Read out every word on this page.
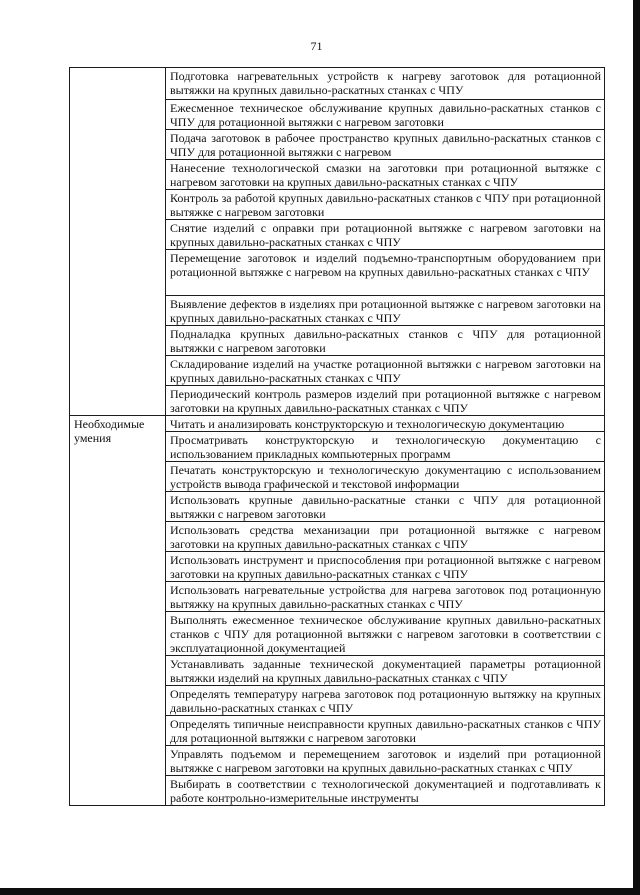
71

	Подготовка нагревательных устройств к нагреву заготовок для ротационной вытяжки на крупных давильно-раскатных станках с ЧПУ

	Ежесменное техническое обслуживание крупных давильно-раскатных станков с ЧПУ для ротационной вытяжки с нагревом заготовки

	Подача заготовок в рабочее пространство крупных давильно-раскатных станков с ЧПУ для ротационной вытяжки с нагревом

	Нанесение технологической смазки на заготовки при ротационной вытяжке с нагревом заготовки на крупных давильно-раскатных станках с ЧПУ

	Контроль за работой крупных давильно-раскатных станков с ЧПУ при ротационной вытяжке с нагревом заготовки

	Снятие изделий с оправки при ротационной вытяжке с нагревом заготовки на крупных давильно-раскатных станках с ЧПУ

	Перемещение заготовок и изделий подъемно-транспортным оборудованием при ротационной вытяжке с нагревом на крупных давильно-раскатных станках с ЧПУ

	Выявление дефектов в изделиях при ротационной вытяжке с нагревом заготовки на крупных давильно-раскатных станках с ЧПУ

	Подналадка крупных давильно-раскатных станков с ЧПУ для ротационной вытяжки с нагревом заготовки

	Складирование изделий на участке ротационной вытяжки с нагревом заготовки на крупных давильно-раскатных станках с ЧПУ

	Периодический контроль размеров изделий при ротационной вытяжке с нагревом заготовки на крупных давильно-раскатных станках с ЧПУ

Необходимые умения	Читать и анализировать конструкторскую и технологическую документацию

	Просматривать конструкторскую и технологическую документацию с использованием прикладных компьютерных программ

	Печатать конструкторскую и технологическую документацию с использованием устройств вывода графической и текстовой информации

	Использовать крупные давильно-раскатные станки с ЧПУ для ротационной вытяжки с нагревом заготовки

	Использовать средства механизации при ротационной вытяжке с нагревом заготовки на крупных давильно-раскатных станках с ЧПУ

	Использовать инструмент и приспособления при ротационной вытяжке с нагревом заготовки на крупных давильно-раскатных станках с ЧПУ

	Использовать нагревательные устройства для нагрева заготовок под ротационную вытяжку на крупных давильно-раскатных станках с ЧПУ

	Выполнять ежесменное техническое обслуживание крупных давильно-раскатных станков с ЧПУ для ротационной вытяжки с нагревом заготовки в соответствии с эксплуатационной документацией

	Устанавливать заданные технической документацией параметры ротационной вытяжки изделий на крупных давильно-раскатных станках с ЧПУ

	Определять температуру нагрева заготовок под ротационную вытяжку на крупных давильно-раскатных станках с ЧПУ

	Определять типичные неисправности крупных давильно-раскатных станков с ЧПУ для ротационной вытяжки с нагревом заготовки

	Управлять подъемом и перемещением заготовок и изделий при ротационной вытяжке с нагревом заготовки на крупных давильно-раскатных станках с ЧПУ

	Выбирать в соответствии с технологической документацией и подготавливать к работе контрольно-измерительные инструменты
